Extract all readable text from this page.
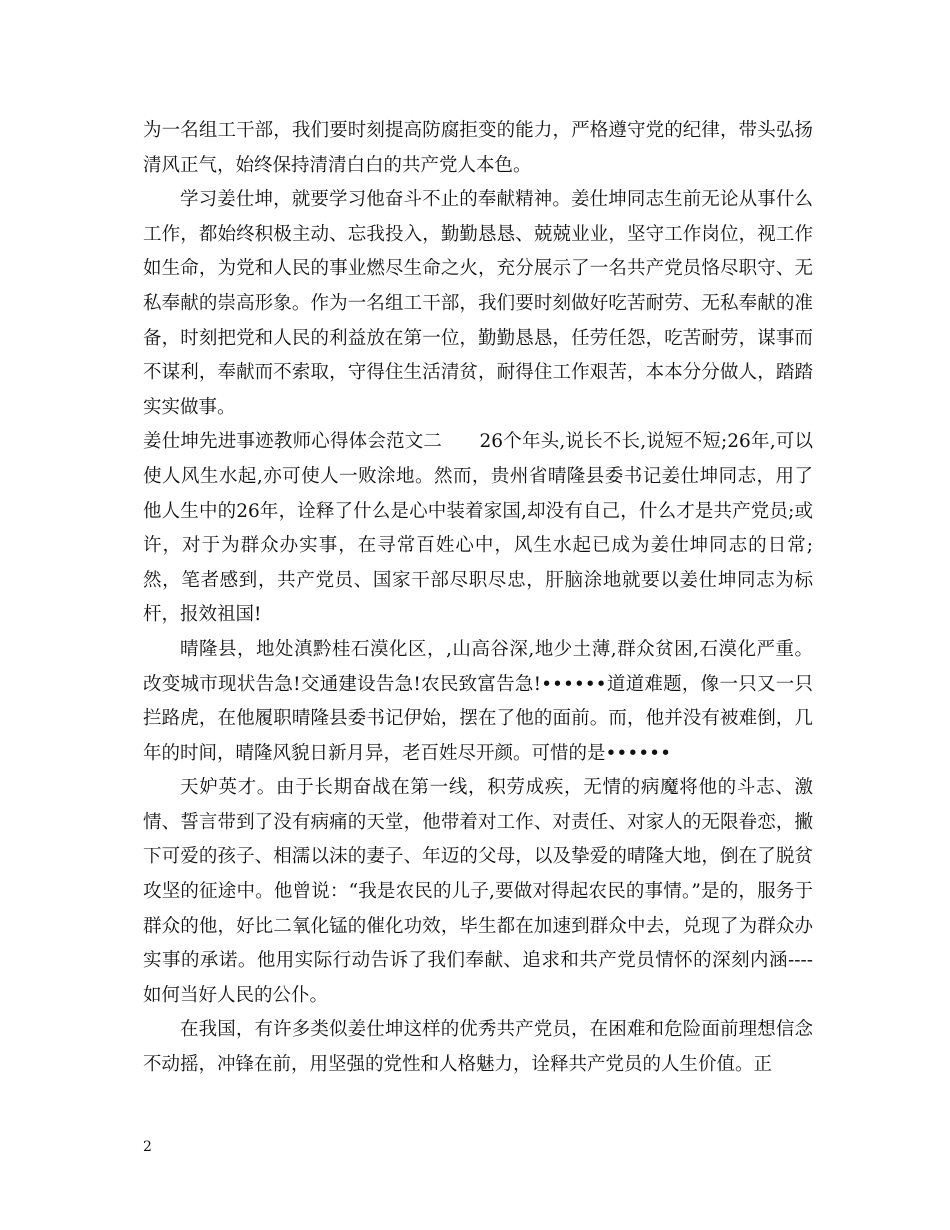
为一名组工干部，我们要时刻提高防腐拒变的能力，严格遵守党的纪律，带头弘扬清风正气，始终保持清清白白的共产党人本色。

学习姜仕坤，就要学习他奋斗不止的奉献精神。姜仕坤同志生前无论从事什么工作，都始终积极主动、忘我投入，勤勤恳恳、兢兢业业，坚守工作岗位，视工作如生命，为党和人民的事业燃尽生命之火，充分展示了一名共产党员恪尽职守、无私奉献的崇高形象。作为一名组工干部，我们要时刻做好吃苦耐劳、无私奉献的准备，时刻把党和人民的利益放在第一位，勤勤恳恳，任劳任怨，吃苦耐劳，谋事而不谋利，奉献而不索取，守得住生活清贫，耐得住工作艰苦，本本分分做人，踏踏实实做事。

姜仕坤先进事迹教师心得体会范文二　　26个年头,说长不长,说短不短;26年,可以使人风生水起,亦可使人一败涂地。然而，贵州省晴隆县委书记姜仕坤同志，用了他人生中的26年，诠释了什么是心中装着家国,却没有自己，什么才是共产党员;或许，对于为群众办实事，在寻常百姓心中，风生水起已成为姜仕坤同志的日常;然，笔者感到，共产党员、国家干部尽职尽忠，肝脑涂地就要以姜仕坤同志为标杆，报效祖国!

晴隆县，地处滇黔桂石漠化区，,山高谷深,地少土薄,群众贫困,石漠化严重。改变城市现状告急!交通建设告急!农民致富告急!••••••道道难题，像一只又一只拦路虎，在他履职晴隆县委书记伊始，摆在了他的面前。而，他并没有被难倒，几年的时间，晴隆风貌日新月异，老百姓尽开颜。可惜的是••••••

天妒英才。由于长期奋战在第一线，积劳成疾，无情的病魔将他的斗志、激情、誓言带到了没有病痛的天堂，他带着对工作、对责任、对家人的无限眷恋，撇下可爱的孩子、相濡以沫的妻子、年迈的父母，以及挚爱的晴隆大地，倒在了脱贫攻坚的征途中。他曾说：“我是农民的儿子,要做对得起农民的事情。”是的，服务于群众的他，好比二氧化锰的催化功效，毕生都在加速到群众中去，兑现了为群众办实事的承诺。他用实际行动告诉了我们奉献、追求和共产党员情怀的深刻内涵----如何当好人民的公仆。

在我国，有许多类似姜仕坤这样的优秀共产党员，在困难和危险面前理想信念不动摇，冲锋在前，用坚强的党性和人格魅力，诠释共产党员的人生价值。正

2
